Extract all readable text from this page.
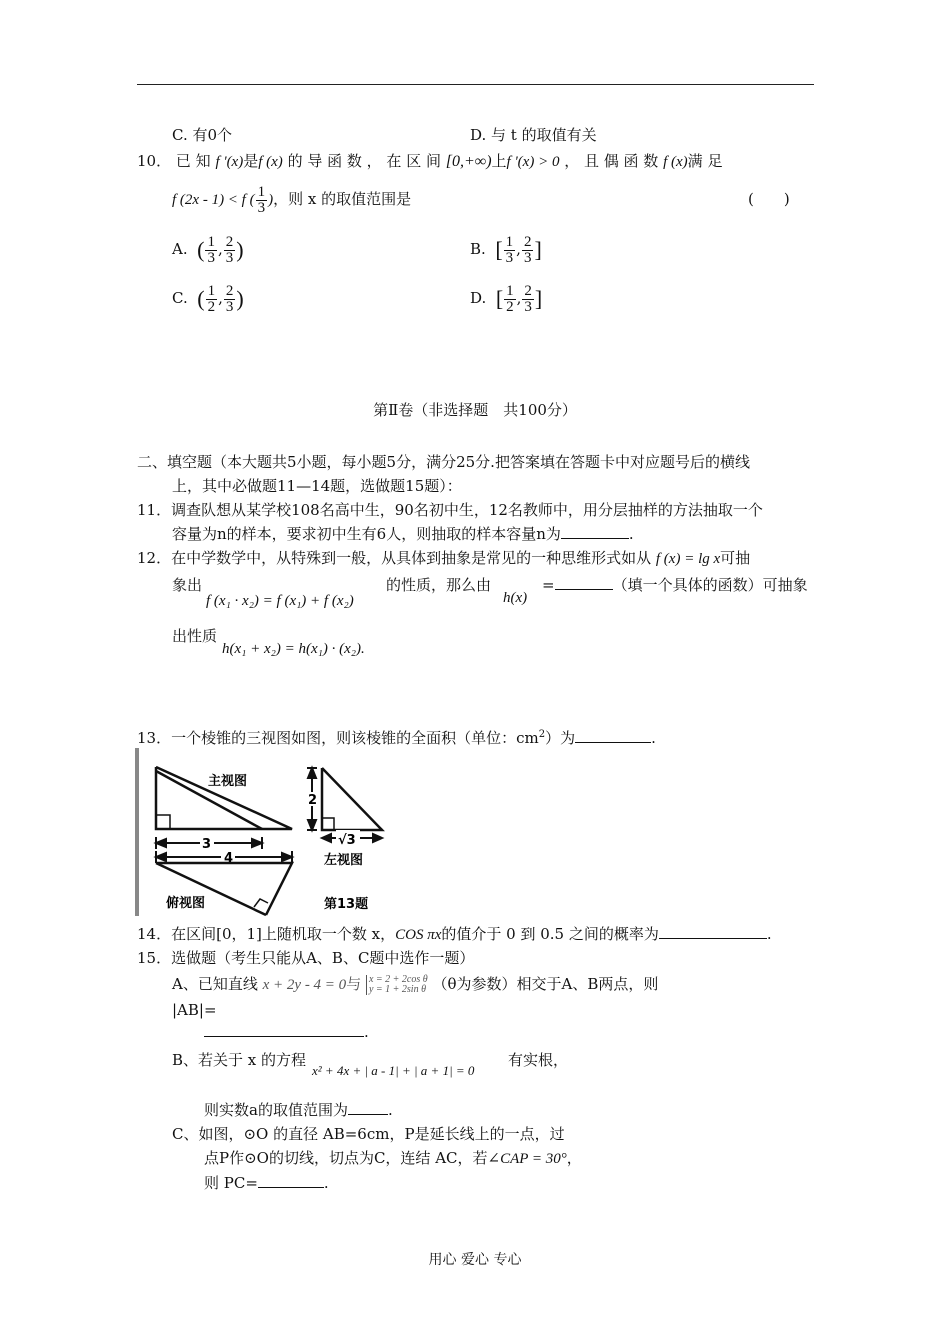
C. 有0个	D. 与 t 的取值有关
10． 已 知 f '(x)是f (x) 的 导 函 数 ， 在 区 间 [0,+∞)上f '(x) > 0 ， 且 偶 函 数 f (x)满 足
f (2x - 1) < f ( $\frac{1}{3}$ )，则 x 的取值范围是	(　　)
A. ( $\frac{1}{3}$ , $\frac{2}{3}$ )	B. [ $\frac{1}{3}$ , $\frac{2}{3}$ ]
C. ( $\frac{1}{2}$ , $\frac{2}{3}$ )	D. [ $\frac{1}{2}$ , $\frac{2}{3}$ ]
第Ⅱ卷（非选择题　共100分）
二、填空题（本大题共5小题，每小题5分，满分25分.把答案填在答题卡中对应题号后的横线
上，其中必做题11—14题，选做题15题）：
11．调查队想从某学校108名高中生，90名初中生，12名教师中，用分层抽样的方法抽取一个
容量为n的样本，要求初中生有6人，则抽取的样本容量n为	.
12．在中学数学中，从特殊到一般，从具体到抽象是常见的一种思维形式如从 f (x) = lg x可抽
象出
f (x₁ · x₂) = f (x₁) + f (x₂)
的性质，那么由
h(x)
=	（填一个具体的函数）可抽象
出性质
h(x₁ + x₂) = h(x₁) · (x₂).
13．一个棱锥的三视图如图，则该棱锥的全面积（单位：$cm^2$）为	.
主视图
3
4
俯视图
2
√3
左视图
第13题
14．在区间[0，1]上随机取一个数 x，COS πx的值介于 0 到 0.5 之间的概率为	.
15．选做题（考生只能从A、B、C题中选作一题）
A、已知直线 x + 2y - 4 = 0与 x = 2 + 2cos θ
y = 1 + 2sin θ （θ为参数）相交于A、B两点，则
|AB|=
.
B、若关于 x 的方程
x² + 4x + | a - 1| + | a + 1| = 0
有实根，
则实数a的取值范围为	.
C、如图，⊙O 的直径 AB=6cm，P是延长线上的一点，过
点P作⊙O的切线，切点为C，连结 AC，若∠CAP = 30°，
则 PC=	.
用心 爱心 专心
